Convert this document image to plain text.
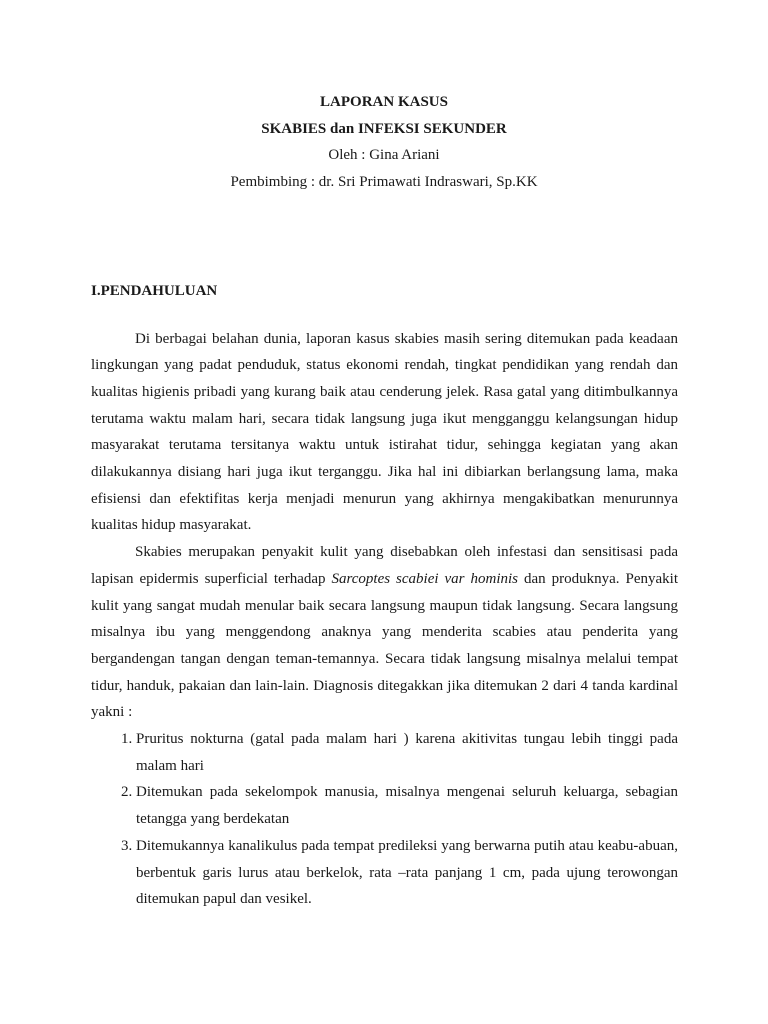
LAPORAN KASUS
SKABIES dan INFEKSI SEKUNDER
Oleh : Gina Ariani
Pembimbing : dr. Sri Primawati Indraswari, Sp.KK
I.PENDAHULUAN

Di berbagai belahan dunia, laporan kasus skabies masih sering ditemukan pada keadaan lingkungan yang padat penduduk, status ekonomi rendah, tingkat pendidikan yang rendah dan kualitas higienis pribadi yang kurang baik atau cenderung jelek. Rasa gatal yang ditimbulkannya terutama waktu malam hari, secara tidak langsung juga ikut mengganggu kelangsungan hidup masyarakat terutama tersitanya waktu untuk istirahat tidur, sehingga kegiatan yang akan dilakukannya disiang hari juga ikut terganggu. Jika hal ini dibiarkan berlangsung lama, maka efisiensi dan efektifitas kerja menjadi menurun yang akhirnya mengakibatkan menurunnya kualitas hidup masyarakat.

Skabies merupakan penyakit kulit yang disebabkan oleh infestasi dan sensitisasi pada lapisan epidermis superficial terhadap Sarcoptes scabiei var hominis dan produknya. Penyakit kulit yang sangat mudah menular baik secara langsung maupun tidak langsung. Secara langsung misalnya ibu yang menggendong anaknya yang menderita scabies atau penderita yang bergandengan tangan dengan teman-temannya. Secara tidak langsung misalnya melalui tempat tidur, handuk, pakaian dan lain-lain. Diagnosis ditegakkan jika ditemukan 2 dari 4 tanda kardinal yakni :

1. Pruritus nokturna (gatal pada malam hari ) karena akitivitas tungau lebih tinggi pada malam hari
2. Ditemukan pada sekelompok manusia, misalnya mengenai seluruh keluarga, sebagian tetangga yang berdekatan
3. Ditemukannya kanalikulus pada tempat predileksi yang berwarna putih atau keabu-abuan, berbentuk garis lurus atau berkelok, rata –rata panjang 1 cm, pada ujung terowongan ditemukan papul dan vesikel.
